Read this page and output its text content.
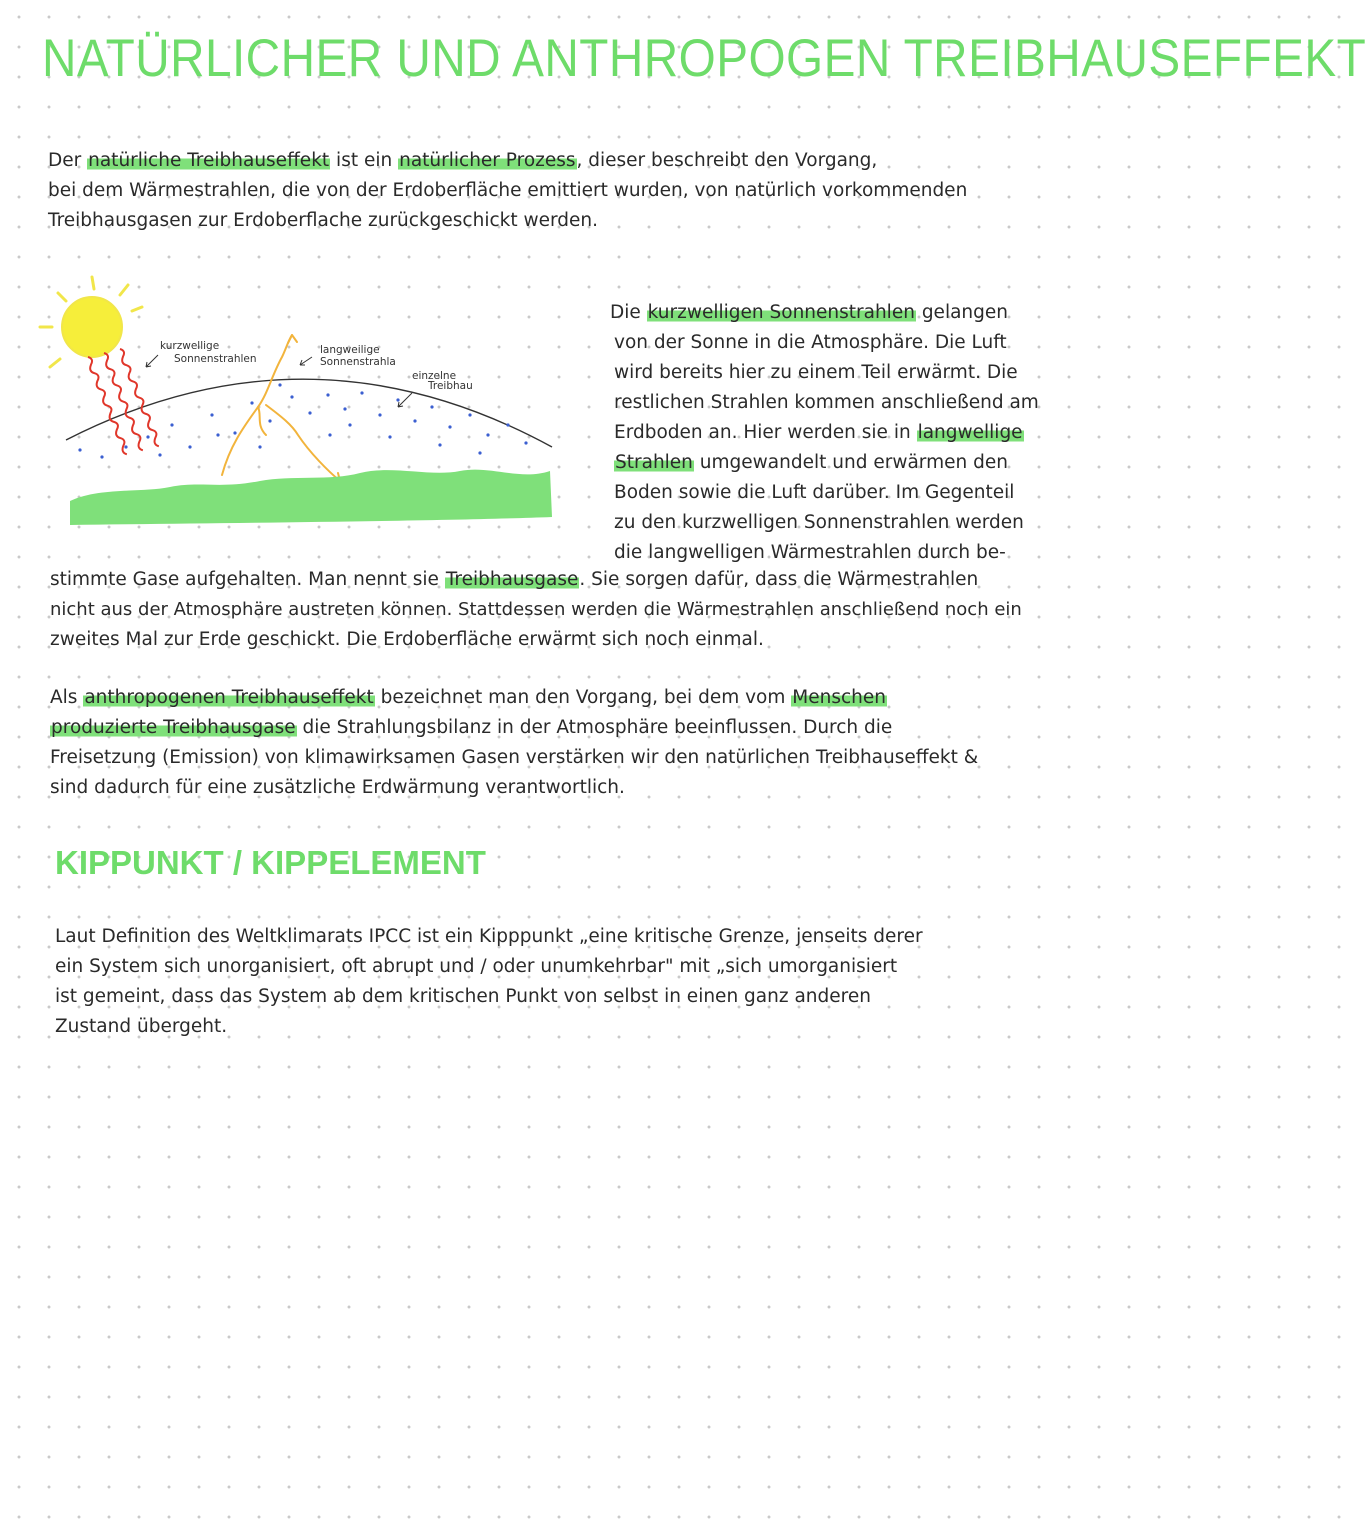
NATÜRLICHER UND ANTHROPOGEN TREIBHAUSEFFEKT
Der natürliche Treibhauseffekt ist ein natürlicher Prozess, dieser beschreibt den Vorgang,
bei dem Wärmestrahlen, die von der Erdoberfläche emittiert wurden, von natürlich vorkommenden
Treibhausgasen zur Erdoberflache zurückgeschickt werden.
kurzwellige
Sonnenstrahlen
langweilige
Sonnenstrahla
einzelne
Treibhau
Die kurzwelligen Sonnenstrahlen gelangen
von der Sonne in die Atmosphäre. Die Luft
wird bereits hier zu einem Teil erwärmt. Die
restlichen Strahlen kommen anschließend am
Erdboden an. Hier werden sie in langwellige
Strahlen umgewandelt und erwärmen den
Boden sowie die Luft darüber. Im Gegenteil
zu den kurzwelligen Sonnenstrahlen werden
die langwelligen Wärmestrahlen durch be-
stimmte Gase aufgehalten. Man nennt sie Treibhausgase. Sie sorgen dafür, dass die Wärmestrahlen
nicht aus der Atmosphäre austreten können. Stattdessen werden die Wärmestrahlen anschließend noch ein
zweites Mal zur Erde geschickt. Die Erdoberfläche erwärmt sich noch einmal.
Als anthropogenen Treibhauseffekt bezeichnet man den Vorgang, bei dem vom Menschen
produzierte Treibhausgase die Strahlungsbilanz in der Atmosphäre beeinflussen. Durch die
Freisetzung (Emission) von klimawirksamen Gasen verstärken wir den natürlichen Treibhauseffekt &
sind dadurch für eine zusätzliche Erdwärmung verantwortlich.
KIPPUNKT / KIPPELEMENT
Laut Definition des Weltklimarats IPCC ist ein Kipppunkt „eine kritische Grenze, jenseits derer
ein System sich unorganisiert, oft abrupt und / oder unumkehrbar" mit „sich umorganisiert
ist gemeint, dass das System ab dem kritischen Punkt von selbst in einen ganz anderen
Zustand übergeht.
